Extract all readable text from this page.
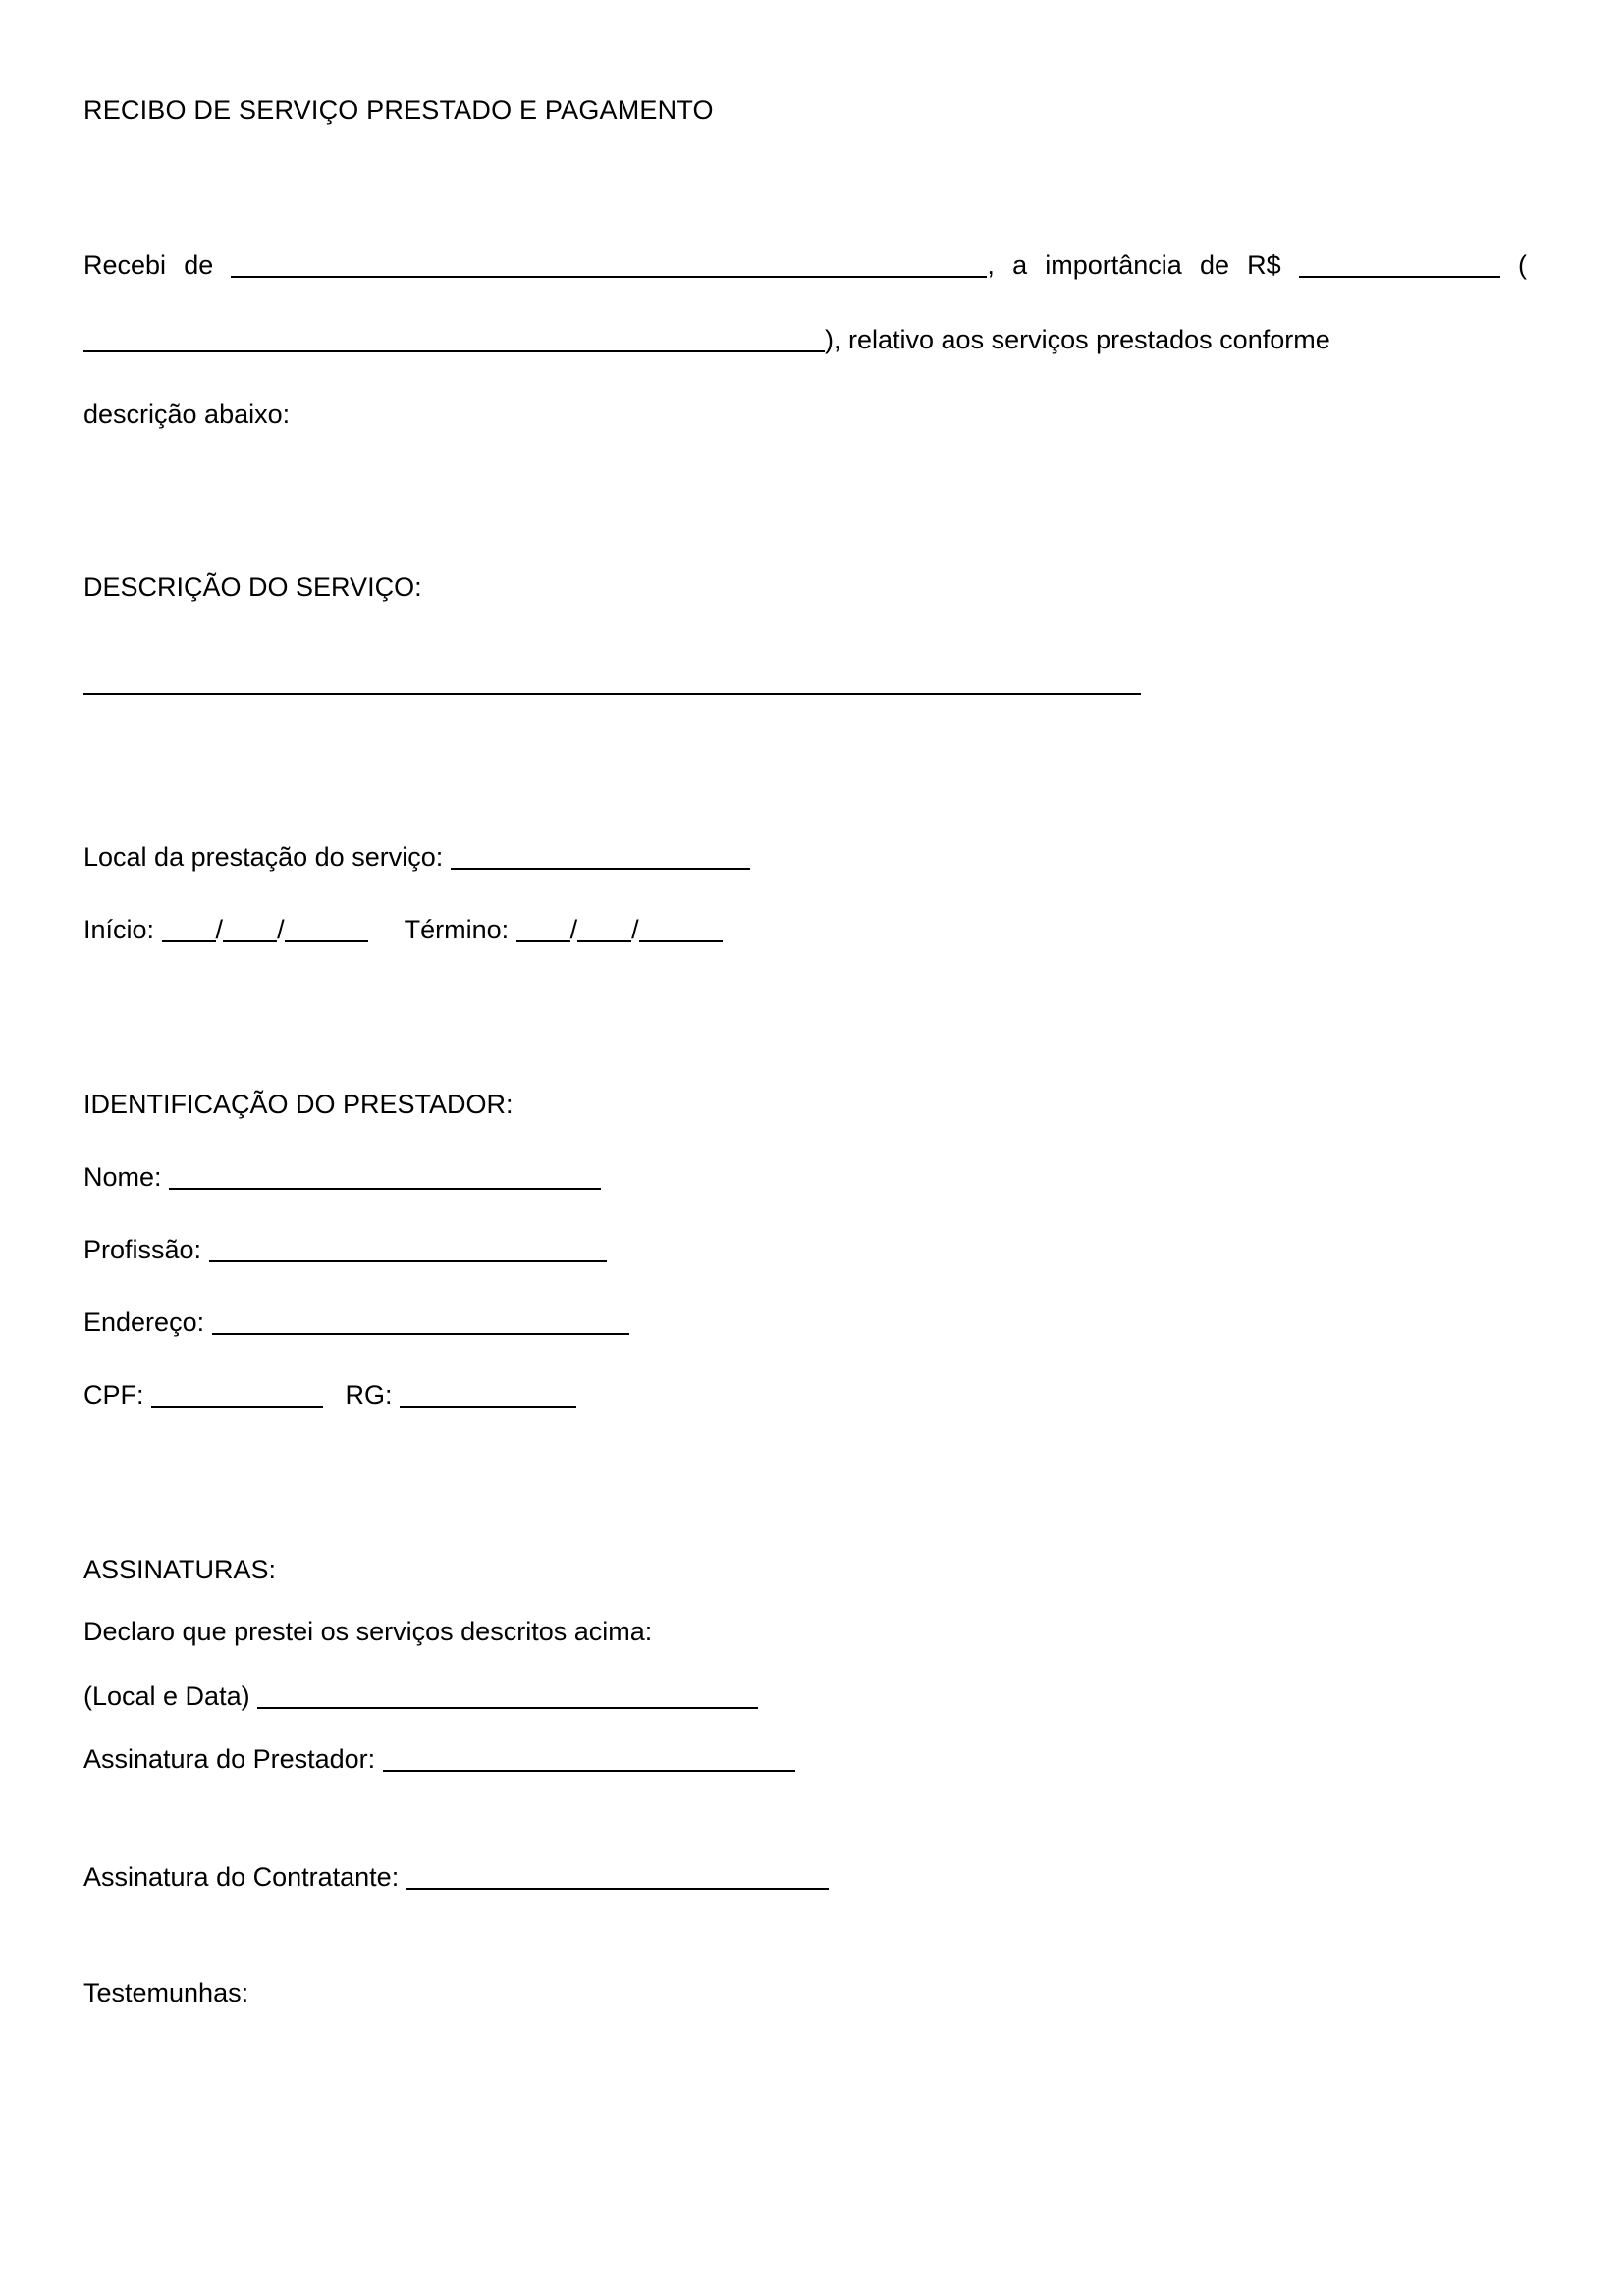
RECIBO DE SERVIÇO PRESTADO E PAGAMENTO
Recebi de	, a importância de R$	(), relativo aos serviços prestados conforme
descrição abaixo:
DESCRIÇÃO DO SERVIÇO:
Local da prestação do serviço:
Início: / /	Término: / /
IDENTIFICAÇÃO DO PRESTADOR:
Nome:
Profissão:
Endereço:
CPF:	RG:
ASSINATURAS:
Declaro que prestei os serviços descritos acima:
(Local e Data)
Assinatura do Prestador:
Assinatura do Contratante:
Testemunhas:
